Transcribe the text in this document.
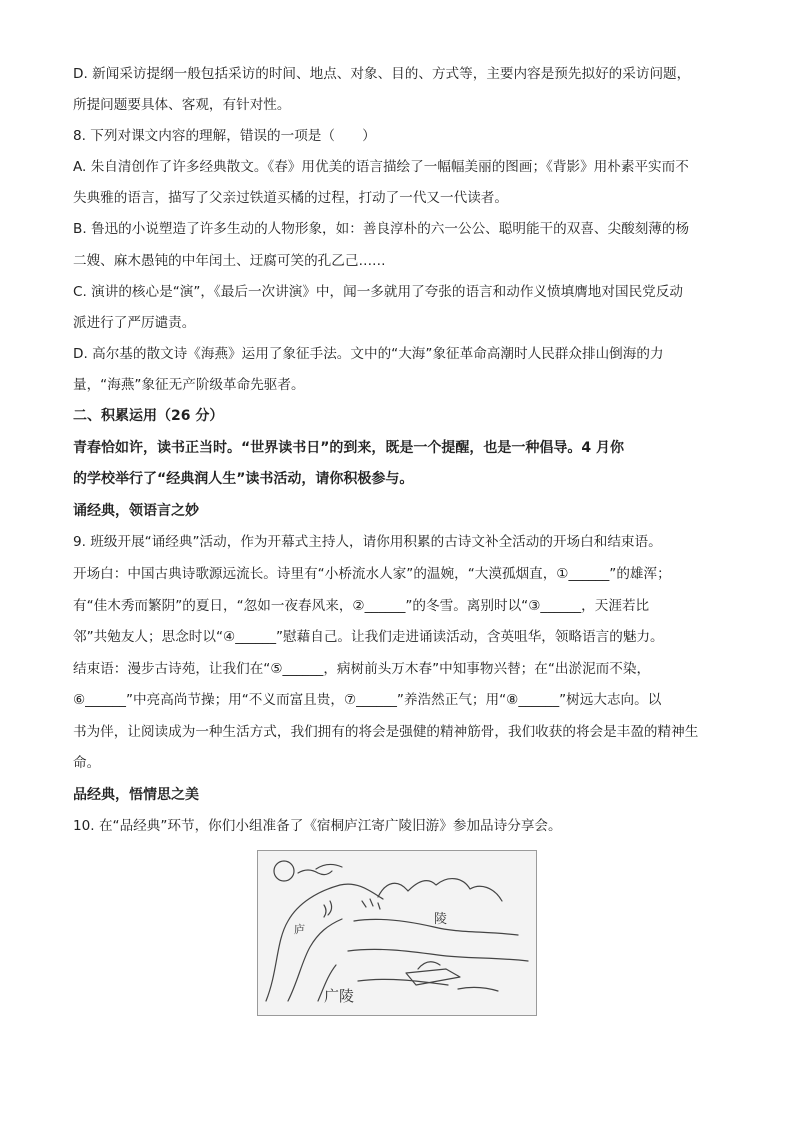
D. 新闻采访提纲一般包括采访的时间、地点、对象、目的、方式等，主要内容是预先拟好的采访问题，
所提问题要具体、客观，有针对性。
8. 下列对课文内容的理解，错误的一项是（　　）
A. 朱自清创作了许多经典散文。《春》用优美的语言描绘了一幅幅美丽的图画；《背影》用朴素平实而不
失典雅的语言，描写了父亲过铁道买橘的过程，打动了一代又一代读者。
B. 鲁迅的小说塑造了许多生动的人物形象，如：善良淳朴的六一公公、聪明能干的双喜、尖酸刻薄的杨
二嫂、麻木愚钝的中年闰土、迂腐可笑的孔乙己……
C. 演讲的核心是“演”，《最后一次讲演》中，闻一多就用了夸张的语言和动作义愤填膺地对国民党反动
派进行了严厉谴责。
D. 高尔基的散文诗《海燕》运用了象征手法。文中的“大海”象征革命高潮时人民群众排山倒海的力
量，“海燕”象征无产阶级革命先驱者。
二、积累运用（26 分）
青春恰如许，读书正当时。“世界读书日”的到来，既是一个提醒，也是一种倡导。4 月你
的学校举行了“经典润人生”读书活动，请你积极参与。
诵经典，领语言之妙
9. 班级开展“诵经典”活动，作为开幕式主持人，请你用积累的古诗文补全活动的开场白和结束语。
开场白：中国古典诗歌源远流长。诗里有“小桥流水人家”的温婉，“大漠孤烟直，①______”的雄浑；
有“佳木秀而繁阴”的夏日，“忽如一夜春风来，②______”的冬雪。离别时以“③______，天涯若比
邻”共勉友人；思念时以“④______”慰藉自己。让我们走进诵读活动，含英咀华，领略语言的魅力。
结束语：漫步古诗苑，让我们在“⑤______，病树前头万木春”中知事物兴替；在“出淤泥而不染，
⑥______”中亮高尚节操；用“不义而富且贵，⑦______”养浩然正气；用“⑧______”树远大志向。以
书为伴，让阅读成为一种生活方式，我们拥有的将会是强健的精神筋骨，我们收获的将会是丰盈的精神生
命。
品经典，悟情思之美
10. 在“品经典”环节，你们小组准备了《宿桐庐江寄广陵旧游》参加品诗分享会。
陵
庐
广陵
